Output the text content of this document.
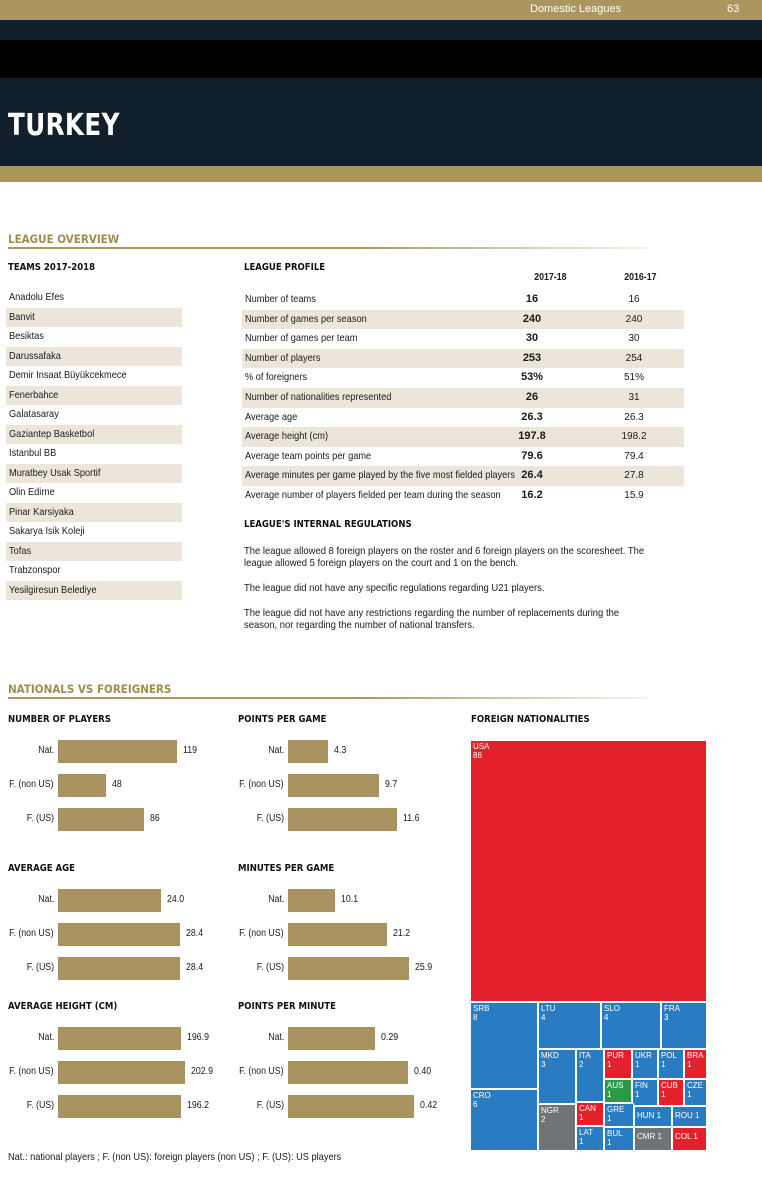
Domestic Leagues	63
TURKEY
LEAGUE OVERVIEW
TEAMS 2017-2018
Anadolu Efes
Banvit
Besiktas
Darussafaka
Demir Insaat Büyükcekmece
Fenerbahce
Galatasaray
Gaziantep Basketbol
Istanbul BB
Muratbey Usak Sportif
Olin Edirne
Pinar Karsiyaka
Sakarya Isik Koleji
Tofas
Trabzonspor
Yesilgiresun Belediye
LEAGUE PROFILE
2017-18	2016-17
Number of teams	16	16
Number of games per season	240	240
Number of games per team	30	30
Number of players	253	254
% of foreigners	53%	51%
Number of nationalities represented	26	31
Average age	26.3	26.3
Average height (cm)	197.8	198.2
Average team points per game	79.6	79.4
Average minutes per game played by the five most fielded players 26.4	27.8
Average number of players fielded per team during the season	16.2	15.9
LEAGUE'S INTERNAL REGULATIONS
The league allowed 8 foreign players on the roster and 6 foreign players on the scoresheet. The league allowed 5 foreign players on the court and 1 on the bench.
The league did not have any specific regulations regarding U21 players.
The league did not have any restrictions regarding the number of replacements during the season, nor regarding the number of national transfers.
NATIONALS VS FOREIGNERS
NUMBER OF PLAYERS
Nat.	119
F. (non US)	48
F. (US)	86
POINTS PER GAME
Nat.	4.3
F. (non US)	9.7
F. (US)	11.6
AVERAGE AGE
Nat.	24.0
F. (non US)	28.4
F. (US)	28.4
MINUTES PER GAME
Nat.	10.1
F. (non US)	21.2
F. (US)	25.9
AVERAGE HEIGHT (CM)
Nat.	196.9
F. (non US)	202.9
F. (US)	196.2
POINTS PER MINUTE
Nat.	0.29
F. (non US)	0.40
F. (US)	0.42
FOREIGN NATIONALITIES
USA
86
SRB
8
LTU
4
SLO
4
FRA
3
CRO
6
MKD
3
ITA
2
PUR
1
UKR
1
POL
1
BRA
1
AUS
1
FIN
1
CUB
1
CZE
1
NGR
2
CAN
1
GRE
1	HUN 1	ROU 1
LAT
1
BUL
1
CMR 1	COL 1
Nat.: national players ; F. (non US): foreign players (non US) ; F. (US): US players
